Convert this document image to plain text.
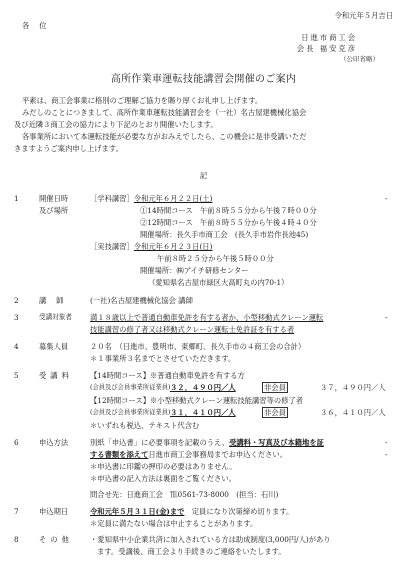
令和元年５月吉日
各位
日進市商工会
会長 福安克彦
（公印省略）
高所作業車運転技能講習会開催のご案内
平素は、商工会事業に格別のご理解ご協力を賜り厚くお礼申し上げます。
みだしのことにつきまして、高所作業車運転技能講習会を（一社）名古屋建機械化協会
及び近隣３商工会の協力により下記のとおり開催いたします。
各事業所において本運転技能が必要な方がおみえでしたら、この機会に是非受講いただ
きますようご案内申し上げます。
記
1	開催日時
及び場所
［学科講習］令和元年６月２２日(土)
①14時間コース　午前８時５５分から午後７時００分
②12時間コース　午前８時５５分から午後４時４０分
開催場所：長久手市商工会　(長久手市岩作長池45)
［実技講習］令和元年６月２３日(日)
午前８時２５分から午後５時００分
開催場所：㈱アイチ研修センター
（愛知県名古屋市緑区大高町丸の内70-1）
2	講師 (一社)名古屋建機械化協会 講師
3	受講対象者 満１８歳以上で普通自動車免許を有する者か、小型移動式クレーン運転
技能講習の修了者又は移動式クレーン運転士免許証を有する者
4	募集人員	２０名　（日進市、豊明市、東郷町、長久手市の４商工会の合計）
＊１事業所３名までとさせていただきます。
5	受講料 【14時間コース】※普通自動車免許を有する方
(会員及び会員事業所従業員) ３２，４９０円／人	非会員	３７，４９０円／人
【12時間コース】※小型移動式クレーン運転技能講習等の修了者
(会員及び会員事業所従業員) ３１，４１０円／人	非会員	３６，４１０円／人
＊いずれも税込、テキスト代含む
6	申込方法	別紙「申込書」に必要事項を記載のうえ、受講料・写真及び本籍地を証
する書類を添えて日進市商工会事務局までお申込ください。
＊申込書に印鑑の押印の必要はありません。
＊申込書の記入方法は裏面をご覧ください。
問合せ先：日進商工会　℡0561-73-8000　(担当：石川)
7	申込期日	令和元年５月３１日(金)まで　定員になり次第締め切ります。
＊定員に満たない場合は中止することがあります。
8	その他 ・愛知県中小企業共済に加入されている方は助成制度(3,000円/人)があり
ます。受講後、商工会より手続きのご連絡をいたします。
-
-
-
-
